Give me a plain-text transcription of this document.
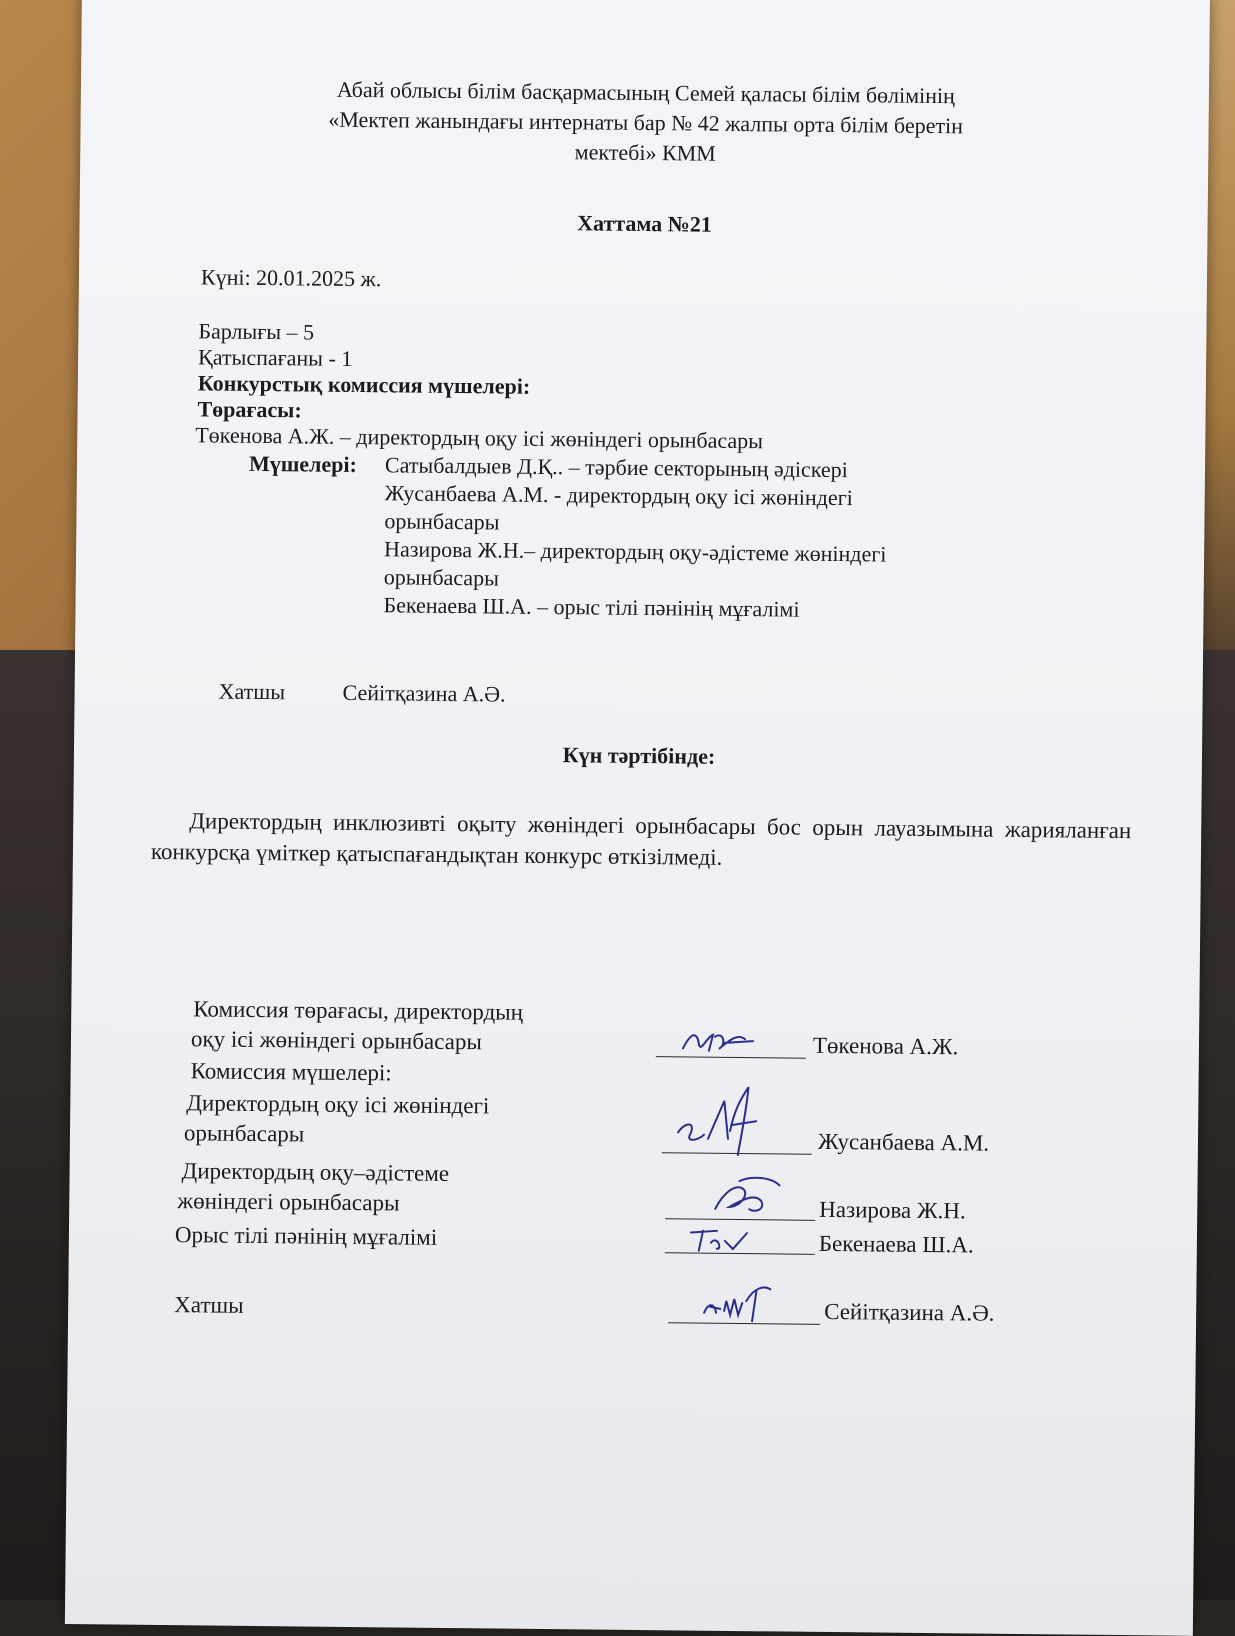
Абай облысы білім басқармасының Семей қаласы білім бөлімінің
«Мектеп жанындағы интернаты бар № 42 жалпы орта білім беретін
мектебі» КММ
Хаттама №21
Күні: 20.01.2025 ж.
Барлығы – 5
Қатыспағаны - 1
Конкурстық комиссия мүшелері:
Төрағасы:
Төкенова А.Ж. – директордың оқу ісі жөніндегі орынбасары
Мүшелері: Сатыбалдыев Д.Қ.. – тәрбие секторының әдіскері
Жусанбаева А.М. - директордың оқу ісі жөніндегі
орынбасары
Назирова Ж.Н.– директордың оқу-әдістеме жөніндегі
орынбасары
Бекенаева Ш.А. – орыс тілі пәнінің мұғалімі
Хатшы	Сейітқазина А.Ә.
Күн тәртібінде:
Директордың инклюзивті оқыту жөніндегі орынбасары бос орын лауазымына жарияланған конкурсқа үміткер қатыспағандықтан конкурс өткізілмеді.
Комиссия төрағасы, директордың
оқу ісі жөніндегі орынбасары	Төкенова А.Ж.
Комиссия мүшелері:
Директордың оқу ісі жөніндегі
орынбасары	Жусанбаева А.М.
Директордың оқу–әдістеме
жөніндегі орынбасары	Назирова Ж.Н.
Орыс тілі пәнінің мұғалімі	Бекенаева Ш.А.
Хатшы	Сейітқазина А.Ә.
